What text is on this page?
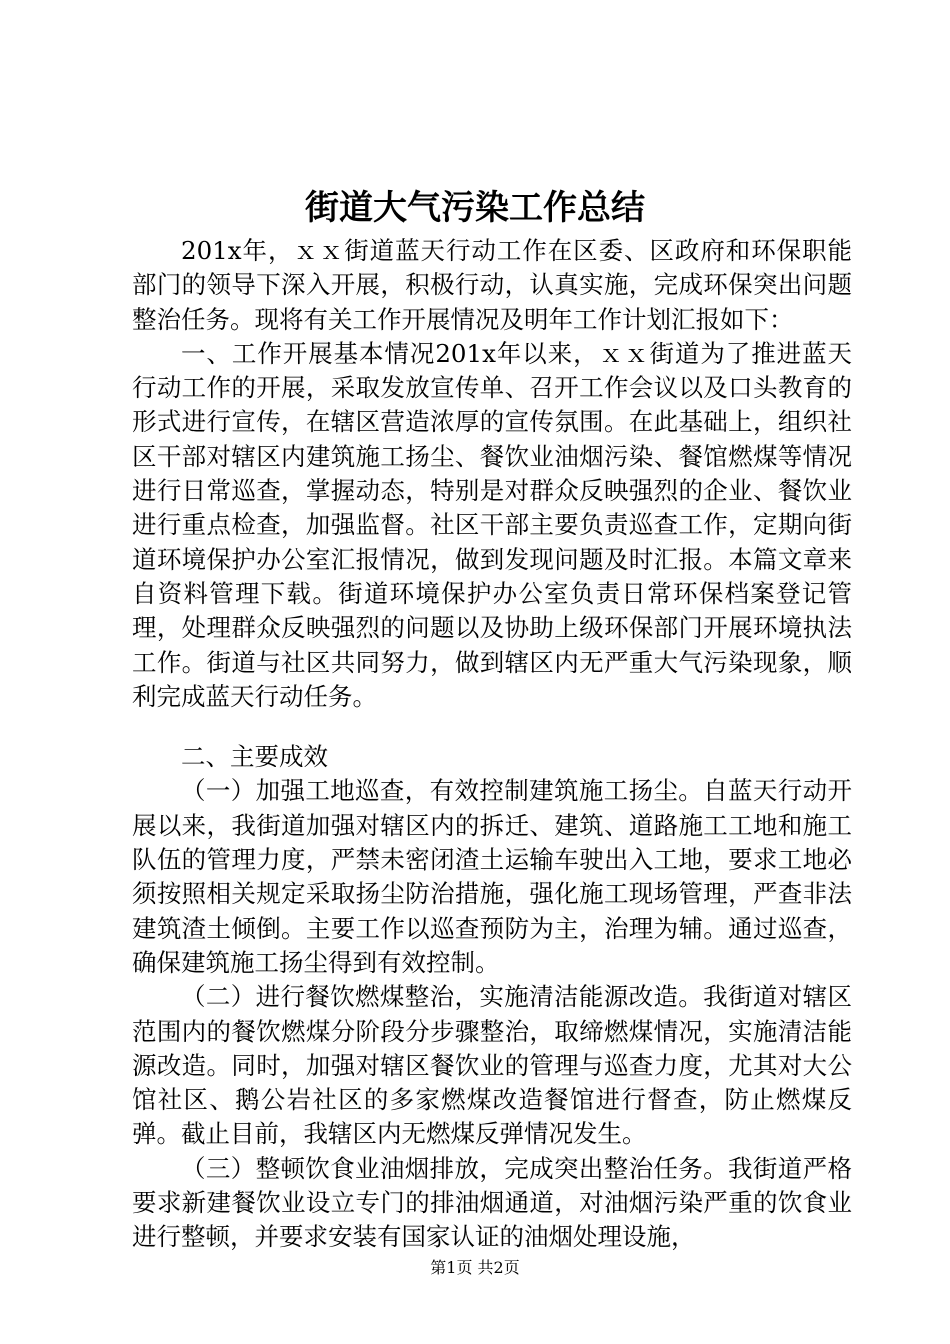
街道大气污染工作总结

201x年，ｘｘ街道蓝天行动工作在区委、区政府和环保职能部门的领导下深入开展，积极行动，认真实施，完成环保突出问题整治任务。现将有关工作开展情况及明年工作计划汇报如下：

一、工作开展基本情况201x年以来，ｘｘ街道为了推进蓝天行动工作的开展，采取发放宣传单、召开工作会议以及口头教育的形式进行宣传，在辖区营造浓厚的宣传氛围。在此基础上，组织社区干部对辖区内建筑施工扬尘、餐饮业油烟污染、餐馆燃煤等情况进行日常巡查，掌握动态，特别是对群众反映强烈的企业、餐饮业进行重点检查，加强监督。社区干部主要负责巡查工作，定期向街道环境保护办公室汇报情况，做到发现问题及时汇报。本篇文章来自资料管理下载。街道环境保护办公室负责日常环保档案登记管理，处理群众反映强烈的问题以及协助上级环保部门开展环境执法工作。街道与社区共同努力，做到辖区内无严重大气污染现象，顺利完成蓝天行动任务。

二、主要成效

（一）加强工地巡查，有效控制建筑施工扬尘。自蓝天行动开展以来，我街道加强对辖区内的拆迁、建筑、道路施工工地和施工队伍的管理力度，严禁未密闭渣土运输车驶出入工地，要求工地必须按照相关规定采取扬尘防治措施，强化施工现场管理，严查非法建筑渣土倾倒。主要工作以巡查预防为主，治理为辅。通过巡查，确保建筑施工扬尘得到有效控制。

（二）进行餐饮燃煤整治，实施清洁能源改造。我街道对辖区范围内的餐饮燃煤分阶段分步骤整治，取缔燃煤情况，实施清洁能源改造。同时，加强对辖区餐饮业的管理与巡查力度，尤其对大公馆社区、鹅公岩社区的多家燃煤改造餐馆进行督查，防止燃煤反弹。截止目前，我辖区内无燃煤反弹情况发生。

（三）整顿饮食业油烟排放，完成突出整治任务。我街道严格要求新建餐饮业设立专门的排油烟通道，对油烟污染严重的饮食业进行整顿，并要求安装有国家认证的油烟处理设施，

第1页 共2页
